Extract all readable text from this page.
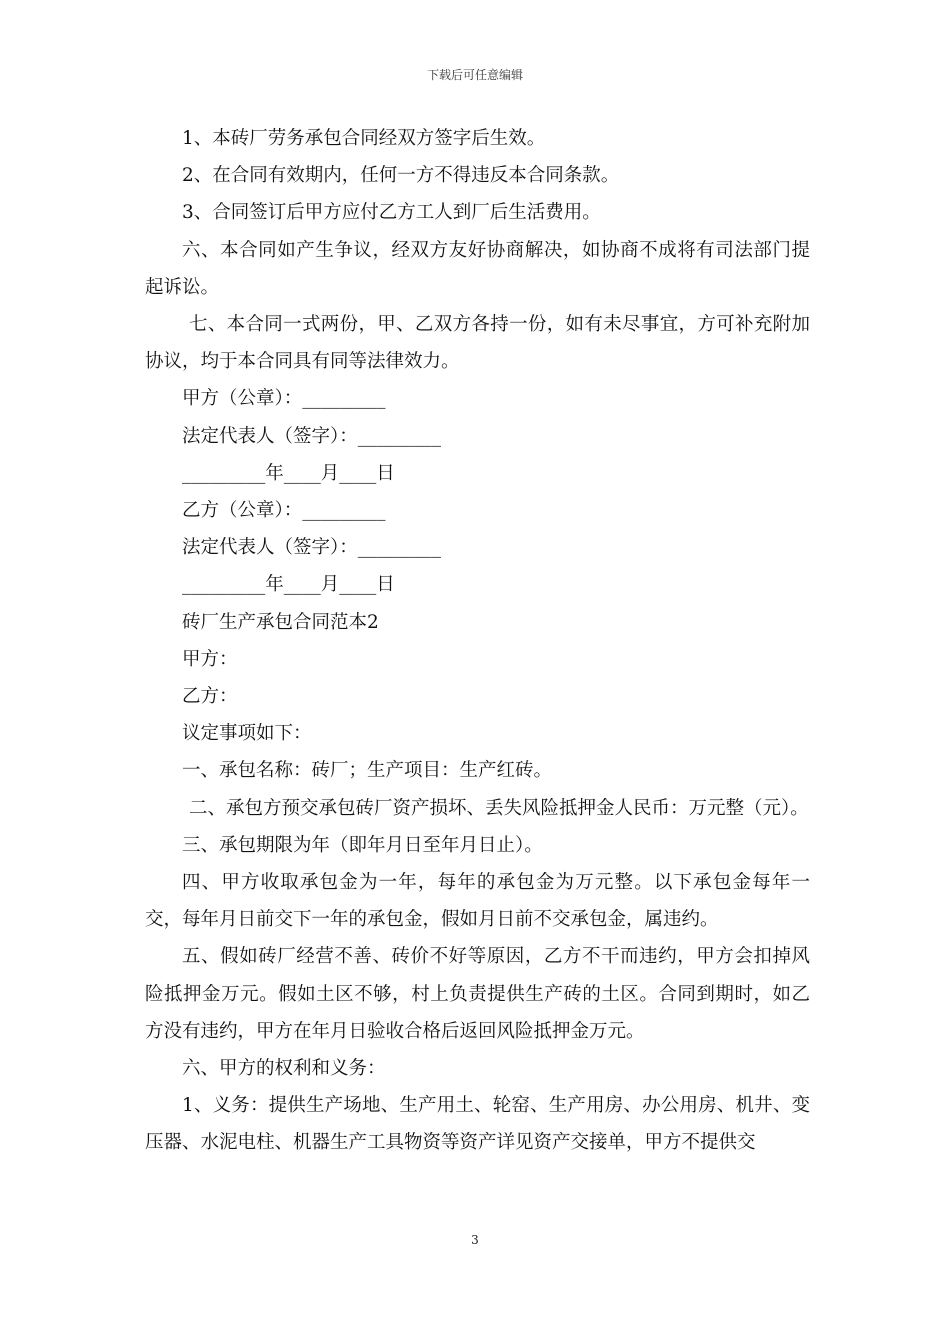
下载后可任意编辑

1、本砖厂劳务承包合同经双方签字后生效。

2、在合同有效期内，任何一方不得违反本合同条款。

3、合同签订后甲方应付乙方工人到厂后生活费用。

六、本合同如产生争议，经双方友好协商解决，如协商不成将有司法部门提起诉讼。

七、本合同一式两份，甲、乙双方各持一份，如有未尽事宜，方可补充附加协议，均于本合同具有同等法律效力。

甲方（公章）：_________

法定代表人（签字）：_________

_________年____月____日

乙方（公章）：_________

法定代表人（签字）：_________

_________年____月____日

砖厂生产承包合同范本2

甲方：

乙方：

议定事项如下：

一、承包名称：砖厂；生产项目：生产红砖。

二、承包方预交承包砖厂资产损坏、丢失风险抵押金人民币：万元整（元）。

三、承包期限为年（即年月日至年月日止）。

四、甲方收取承包金为一年，每年的承包金为万元整。以下承包金每年一交，每年月日前交下一年的承包金，假如月日前不交承包金，属违约。

五、假如砖厂经营不善、砖价不好等原因，乙方不干而违约，甲方会扣掉风险抵押金万元。假如土区不够，村上负责提供生产砖的土区。合同到期时，如乙方没有违约，甲方在年月日验收合格后返回风险抵押金万元。

六、甲方的权利和义务：

1、义务：提供生产场地、生产用土、轮窑、生产用房、办公用房、机井、变压器、水泥电柱、机器生产工具物资等资产详见资产交接单，甲方不提供交

3
